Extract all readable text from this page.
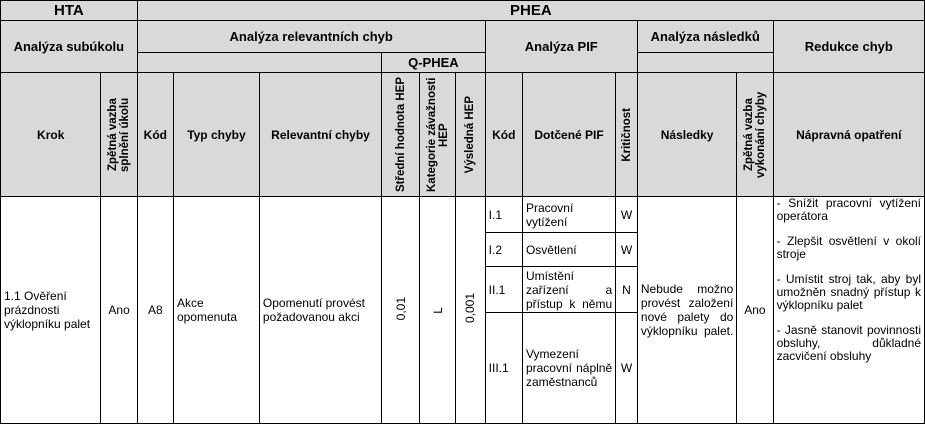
HTA		PHEA											
Analýza subúkolu		Analýza relevantních chyb						Analýza PIF			Analýza následků		Redukce chyb
					Q-PHEA								
Krok	Zpětná vazba splnění úkolu	Kód	Typ chyby	Relevantní chyby	Střední hodnota HEP	Kategorie závažnosti HEP	Výsledná HEP	Kód	Dotčené PIF	Kritičnost	Následky	Zpětná vazba vykonání chyby	Nápravná opatření
1.1 Ověření prázdnosti výklopníku palet	Ano	A8	Akce opomenuta	Opomenutí provést požadovanou akci	0,01	L	0,001	I.1	Pracovní vytížení	W	Nebude možno provést založení nové palety do výklopníku palet.	Ano	- Snížit pracovní vytížení operátora

- Zlepšit osvětlení v okolí stroje

- Umístit stroj tak, aby byl umožněn snadný přístup k výklopníku palet

- Jasně stanovit povinnosti obsluhy, důkladné zacvičení obsluhy

								I.2	Osvětlení	W			
								II.1	Umístění zařízení a přístup k němu	N			
								III.1	Vymezení pracovní náplně zaměstnanců	W			
